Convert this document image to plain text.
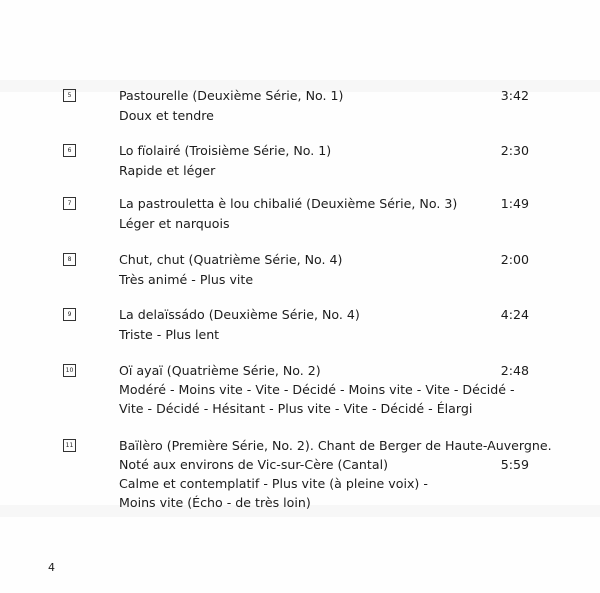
5	Pastourelle (Deuxième Série, No. 1)	3:42
Doux et tendre
6	Lo fïolairé (Troisième Série, No. 1)	2:30
Rapide et léger
7	La pastrouletta è lou chibalié (Deuxième Série, No. 3)	1:49
Léger et narquois
8	Chut, chut (Quatrième Série, No. 4)	2:00
Très animé - Plus vite
9	La delaïssádo (Deuxième Série, No. 4)	4:24
Triste - Plus lent
10	Oï ayaï (Quatrième Série, No. 2)	2:48
Modéré - Moins vite - Vite - Décidé - Moins vite - Vite - Décidé -
Vite - Décidé - Hésitant - Plus vite - Vite - Décidé - Élargi
11	Baïlèro (Première Série, No. 2). Chant de Berger de Haute-Auvergne.
Noté aux environs de Vic-sur-Cère (Cantal)	5:59
Calme et contemplatif - Plus vite (à pleine voix) -
Moins vite (Écho - de très loin)
4
